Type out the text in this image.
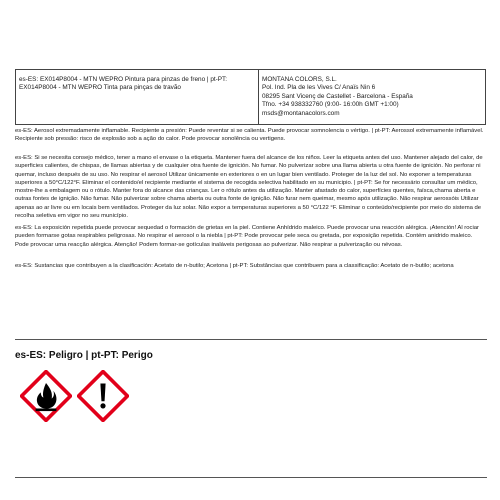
es-ES: EX014P8004 - MTN WEPRO Pintura para pinzas de freno | pt-PT: EX014P8004 - MTN WEPRO Tinta para pinças de travão
MONTANA COLORS, S.L.
Pol. Ind. Pla de les Vives C/ Anaïs Nin 6
08295 Sant Vicenç de Castellet - Barcelona - España
Tfno. +34 938332760 (9:00- 16:00h GMT +1:00)
msds@montanacolors.com
es-ES: Aerosol extremadamente inflamable. Recipiente a presión: Puede reventar si se calienta. Puede provocar somnolencia o vértigo. | pt-PT: Aerossol extremamente inflamável. Recipiente sob pressão: risco de explosão sob a ação do calor. Pode provocar sonolência ou vertigens.
es-ES: Si se necesita consejo médico, tener a mano el envase o la etiqueta. Mantener fuera del alcance de los niños. Leer la etiqueta antes del uso. Mantener alejado del calor, de superficies calientes, de chispas, de llamas abiertas y de cualquier otra fuente de ignición. No fumar. No pulverizar sobre una llama abierta u otra fuente de ignición. No perforar ni quemar, incluso después de su uso. No respirar el aerosol Utilizar únicamente en exteriores o en un lugar bien ventilado. Proteger de la luz del sol. No exponer a temperaturas superiores a 50°C/122°F. Eliminar el contenido/el recipiente mediante el sistema de recogida selectiva habilitado en su municipio. | pt-PT: Se for necessário consultar um médico, mostre-lhe a embalagem ou o rótulo. Manter fora do alcance das crianças. Ler o rótulo antes da utilização. Manter afastado do calor, superfícies quentes, faísca,chama aberta e outras fontes de ignição. Não fumar. Não pulverizar sobre chama aberta ou outra fonte de ignição. Não furar nem queimar, mesmo após utilização. Não respirar aerossóis Utilizar apenas ao ar livre ou em locais bem ventilados. Proteger da luz solar. Não expor a temperaturas superiores a 50 °C/122 °F. Eliminar o conteúdo/recipiente por meio do sistema de recolha seletiva em vigor no seu município.
es-ES: La exposición repetida puede provocar sequedad o formación de grietas en la piel. Contiene Anhídrido maleico. Puede provocar una reacción alérgica. ¡Atención! Al rociar pueden formarse gotas respirables peligrosas. No respirar el aerosol o la niebla | pt-PT: Pode provocar pele seca ou gretada, por exposição repetida. Contém anidrido maleico. Pode provocar uma reacção alérgica. Atenção! Podem formar-se gotículas inaláveis perigosas ao pulverizar. Não respirar a pulverização ou névoas.
es-ES: Sustancias que contribuyen a la clasificación: Acetato de n-butilo; Acetona | pt-PT: Substâncias que contribuem para a classificação: Acetato de n-butilo; acetona
es-ES: Peligro | pt-PT: Perigo
